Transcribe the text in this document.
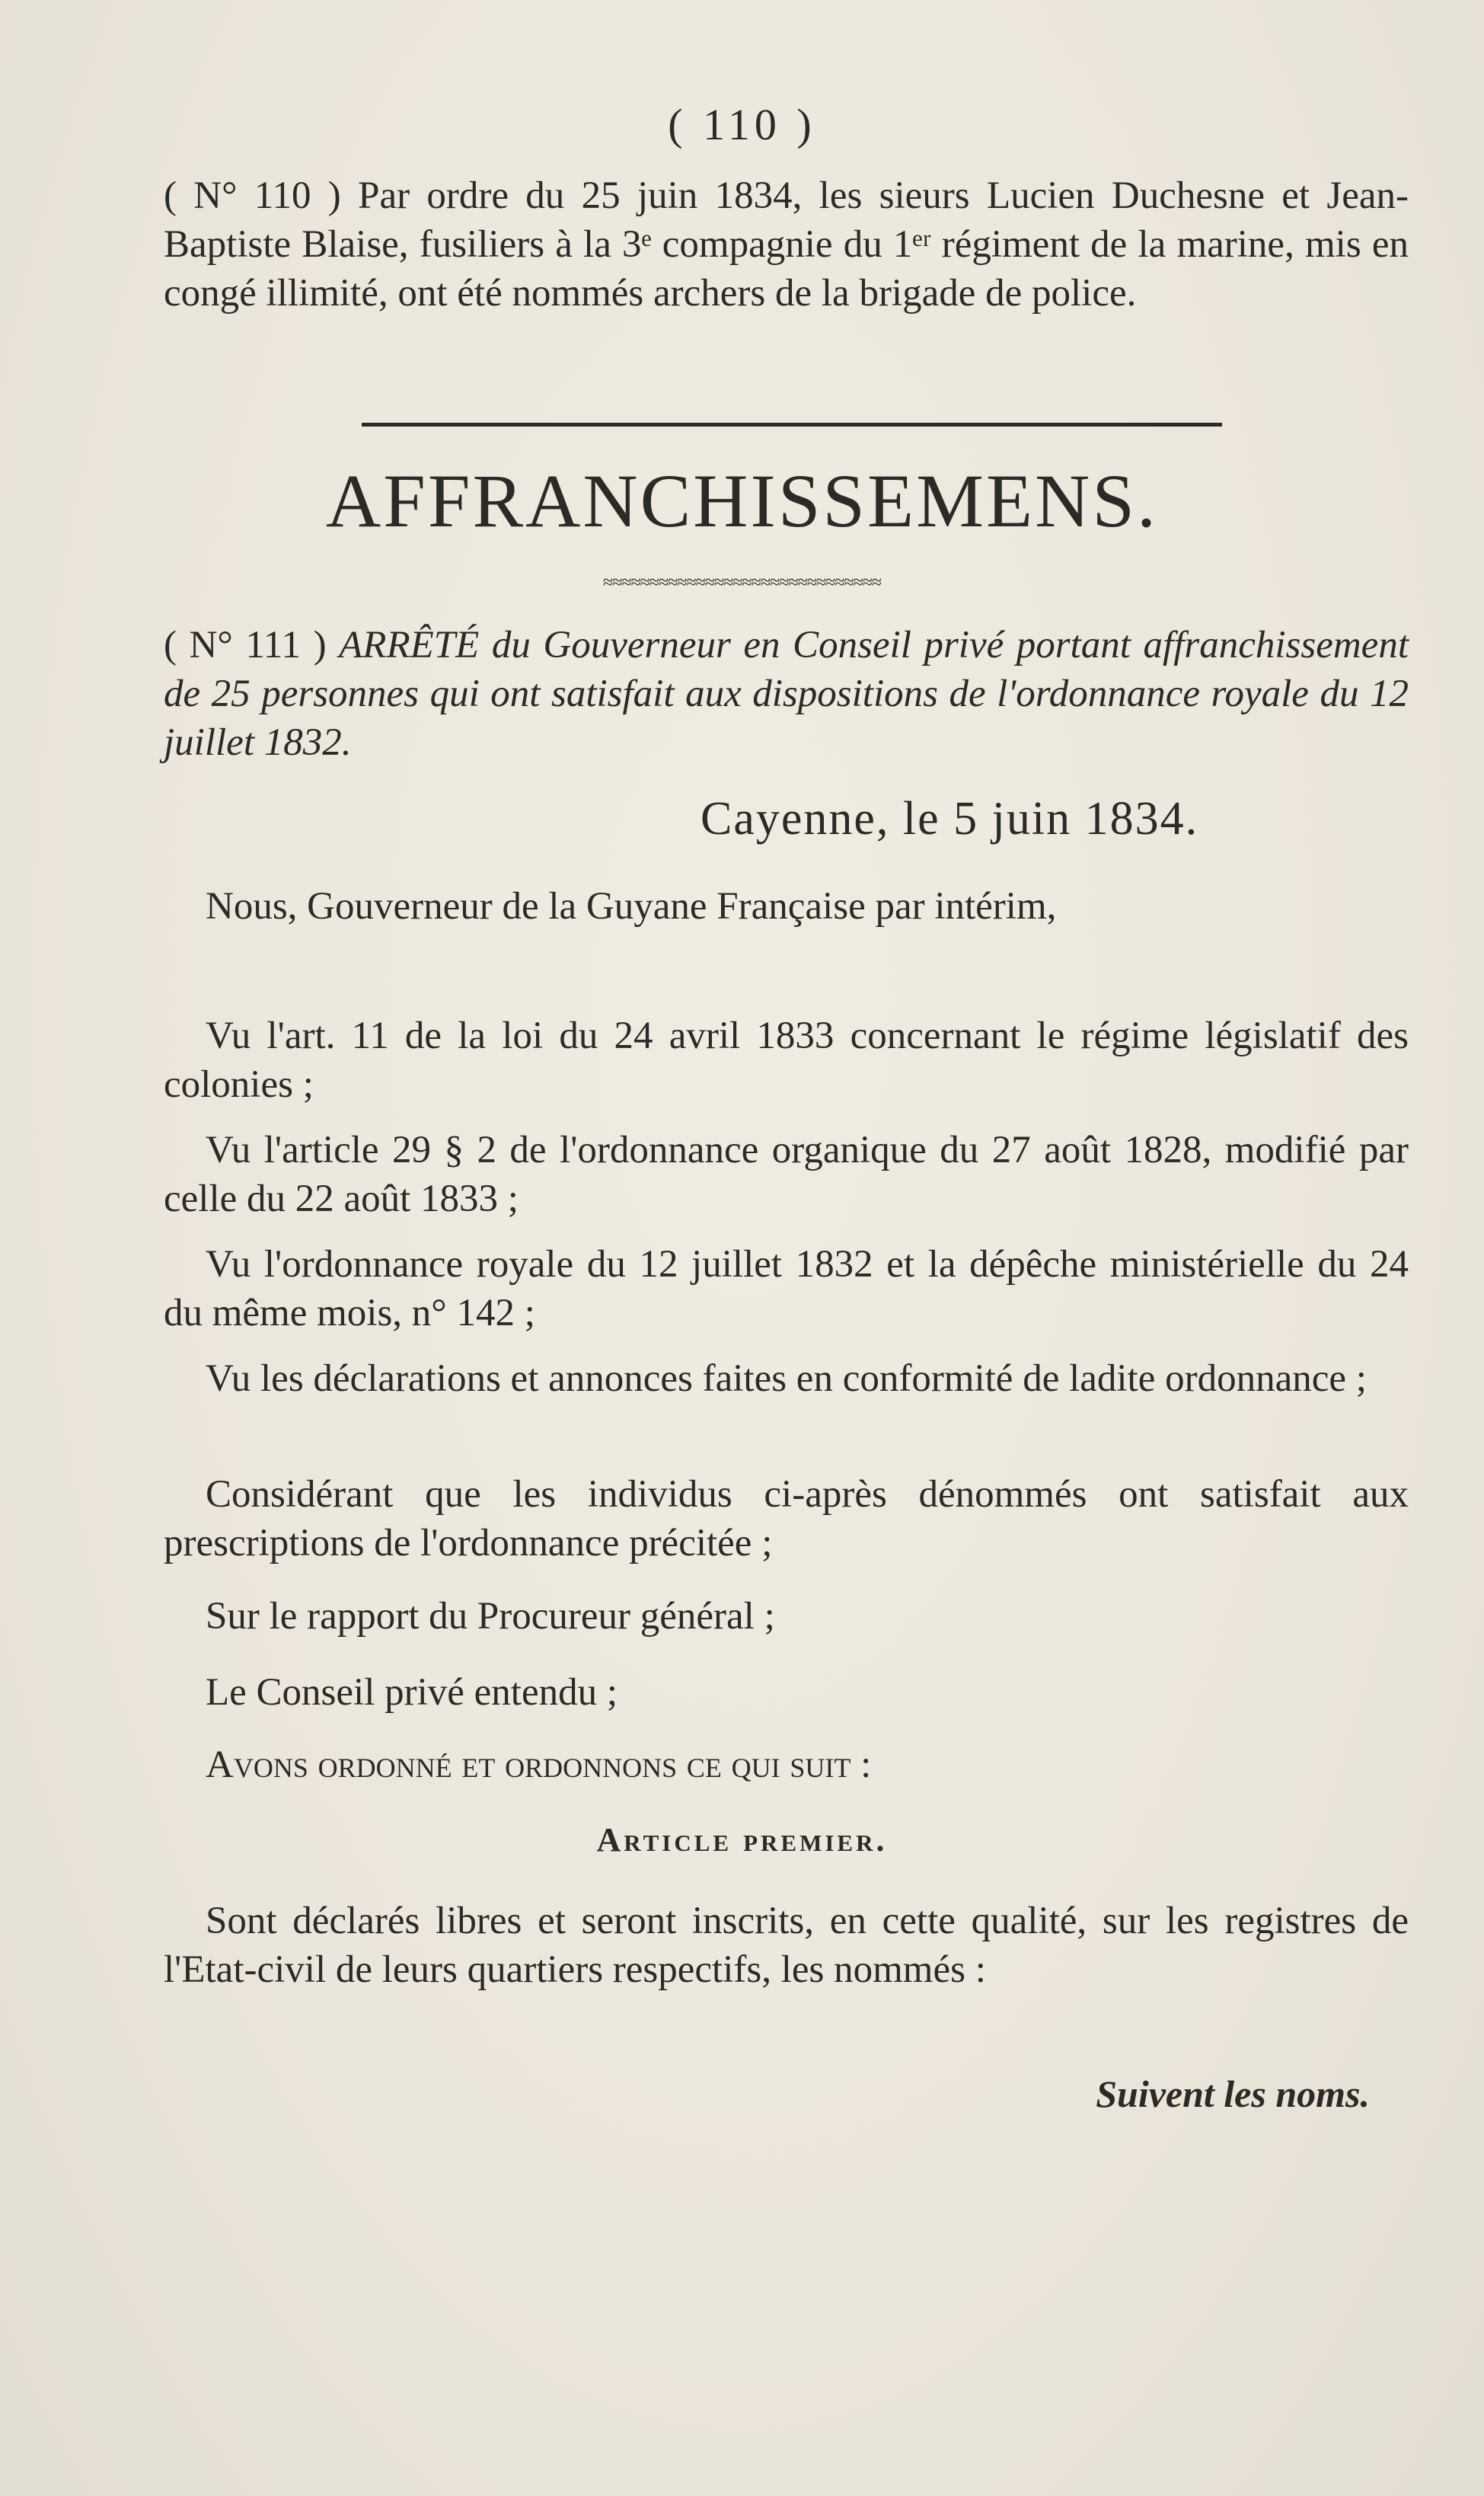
( 110 )
( N° 110 ) Par ordre du 25 juin 1834, les sieurs Lucien Duchesne et Jean-Baptiste Blaise, fusiliers à la 3ᵉ compagnie du 1ᵉʳ régiment de la marine, mis en congé illimité, ont été nommés archers de la brigade de police.
AFFRANCHISSEMENS.
≈≈≈≈≈≈≈≈≈≈≈≈≈≈≈≈≈≈≈≈≈≈≈≈≈≈≈≈≈≈
( N° 111 ) ARRÊTÉ du Gouverneur en Conseil privé portant affranchissement de 25 personnes qui ont satisfait aux dispositions de l'ordonnance royale du 12 juillet 1832.
Cayenne, le 5 juin 1834.
Nous, Gouverneur de la Guyane Française par intérim,
Vu l'art. 11 de la loi du 24 avril 1833 concernant le régime législatif des colonies ;
Vu l'article 29 § 2 de l'ordonnance organique du 27 août 1828, modifié par celle du 22 août 1833 ;
Vu l'ordonnance royale du 12 juillet 1832 et la dépêche ministérielle du 24 du même mois, n° 142 ;
Vu les déclarations et annonces faites en conformité de ladite ordonnance ;
Considérant que les individus ci-après dénommés ont satisfait aux prescriptions de l'ordonnance précitée ;
Sur le rapport du Procureur général ;
Le Conseil privé entendu ;
Avons ordonné et ordonnons ce qui suit :
Article premier.
Sont déclarés libres et seront inscrits, en cette qualité, sur les registres de l'Etat-civil de leurs quartiers respectifs, les nommés :
Suivent les noms.
